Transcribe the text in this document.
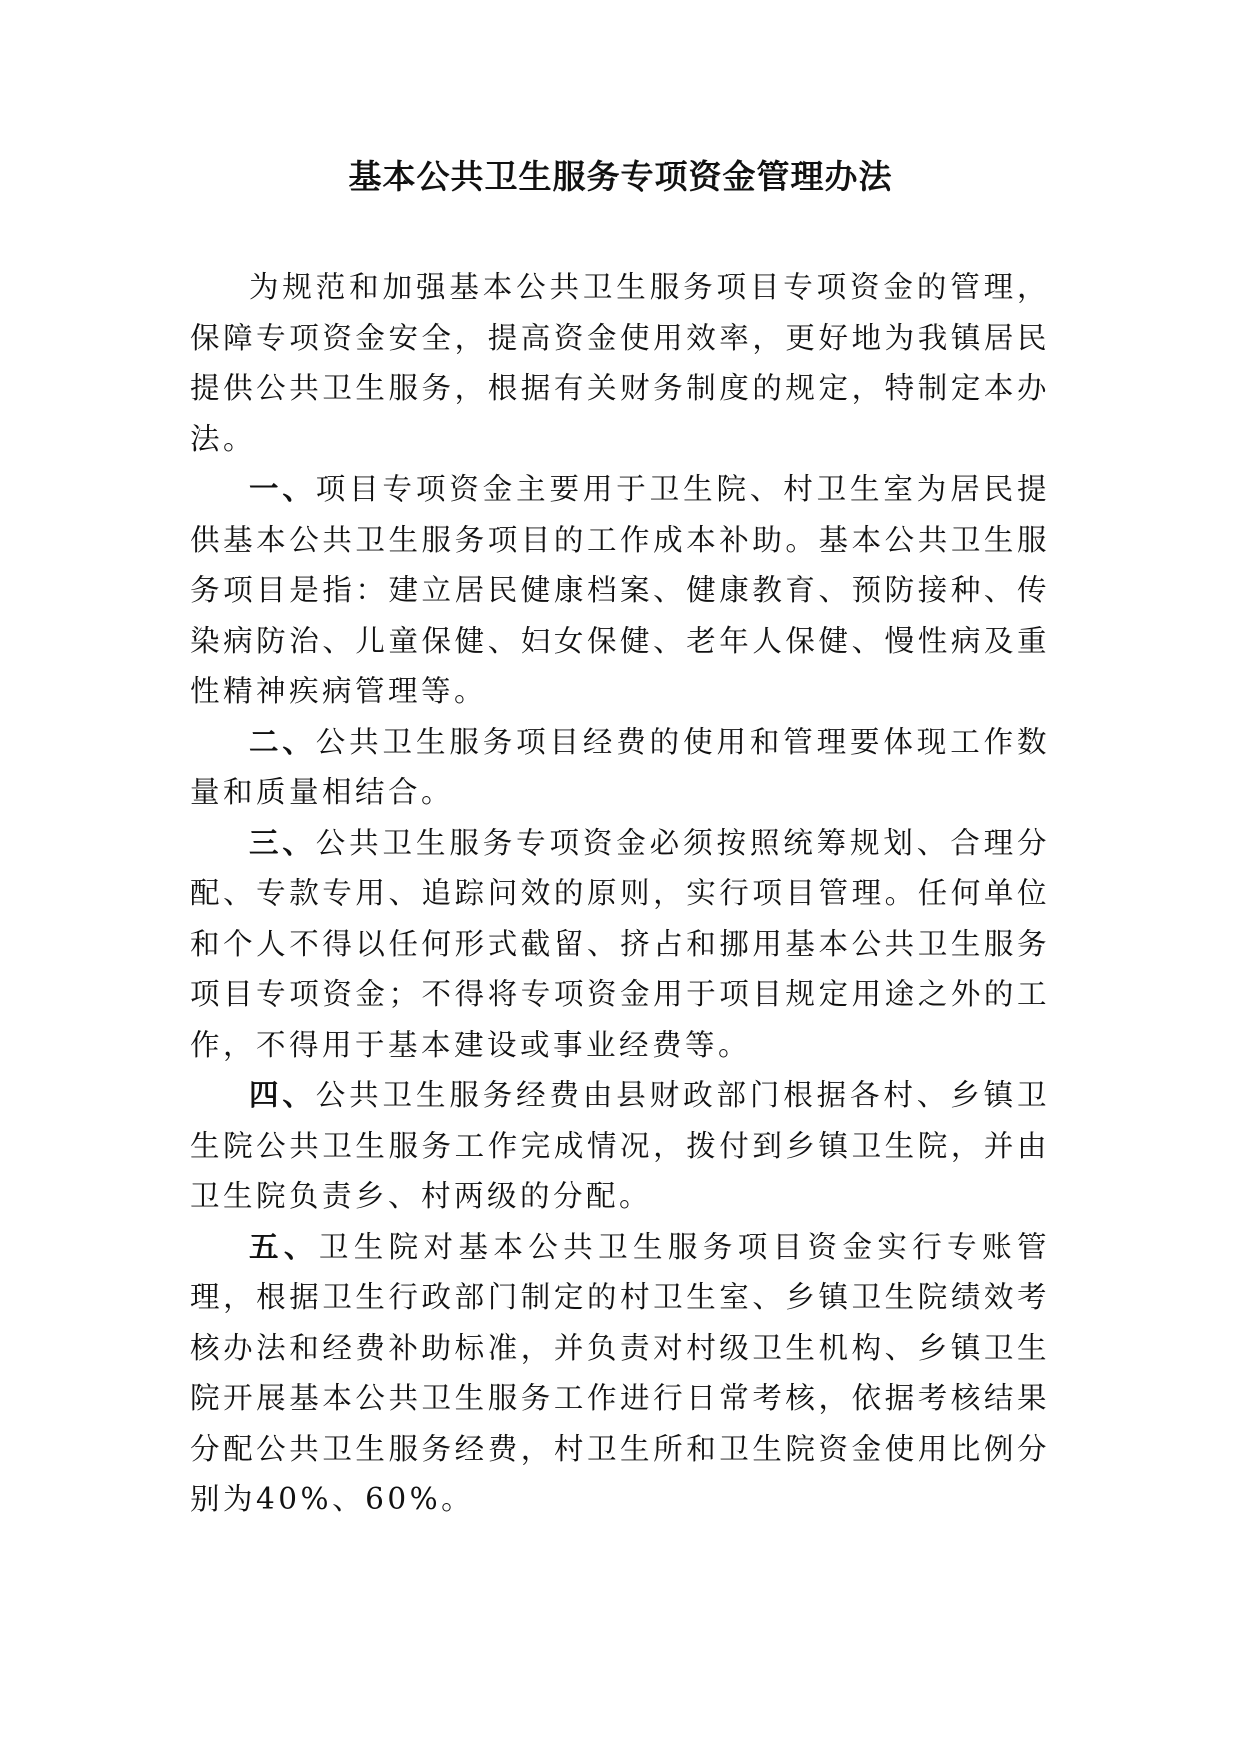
基本公共卫生服务专项资金管理办法

为规范和加强基本公共卫生服务项目专项资金的管理，保障专项资金安全，提高资金使用效率，更好地为我镇居民提供公共卫生服务，根据有关财务制度的规定，特制定本办法。

一、项目专项资金主要用于卫生院、村卫生室为居民提供基本公共卫生服务项目的工作成本补助。基本公共卫生服务项目是指：建立居民健康档案、健康教育、预防接种、传染病防治、儿童保健、妇女保健、老年人保健、慢性病及重性精神疾病管理等。

二、公共卫生服务项目经费的使用和管理要体现工作数量和质量相结合。

三、公共卫生服务专项资金必须按照统筹规划、合理分配、专款专用、追踪问效的原则，实行项目管理。任何单位和个人不得以任何形式截留、挤占和挪用基本公共卫生服务项目专项资金；不得将专项资金用于项目规定用途之外的工作，不得用于基本建设或事业经费等。

四、公共卫生服务经费由县财政部门根据各村、乡镇卫生院公共卫生服务工作完成情况，拨付到乡镇卫生院，并由卫生院负责乡、村两级的分配。

五、卫生院对基本公共卫生服务项目资金实行专账管理，根据卫生行政部门制定的村卫生室、乡镇卫生院绩效考核办法和经费补助标准，并负责对村级卫生机构、乡镇卫生院开展基本公共卫生服务工作进行日常考核，依据考核结果分配公共卫生服务经费，村卫生所和卫生院资金使用比例分别为40%、60%。
